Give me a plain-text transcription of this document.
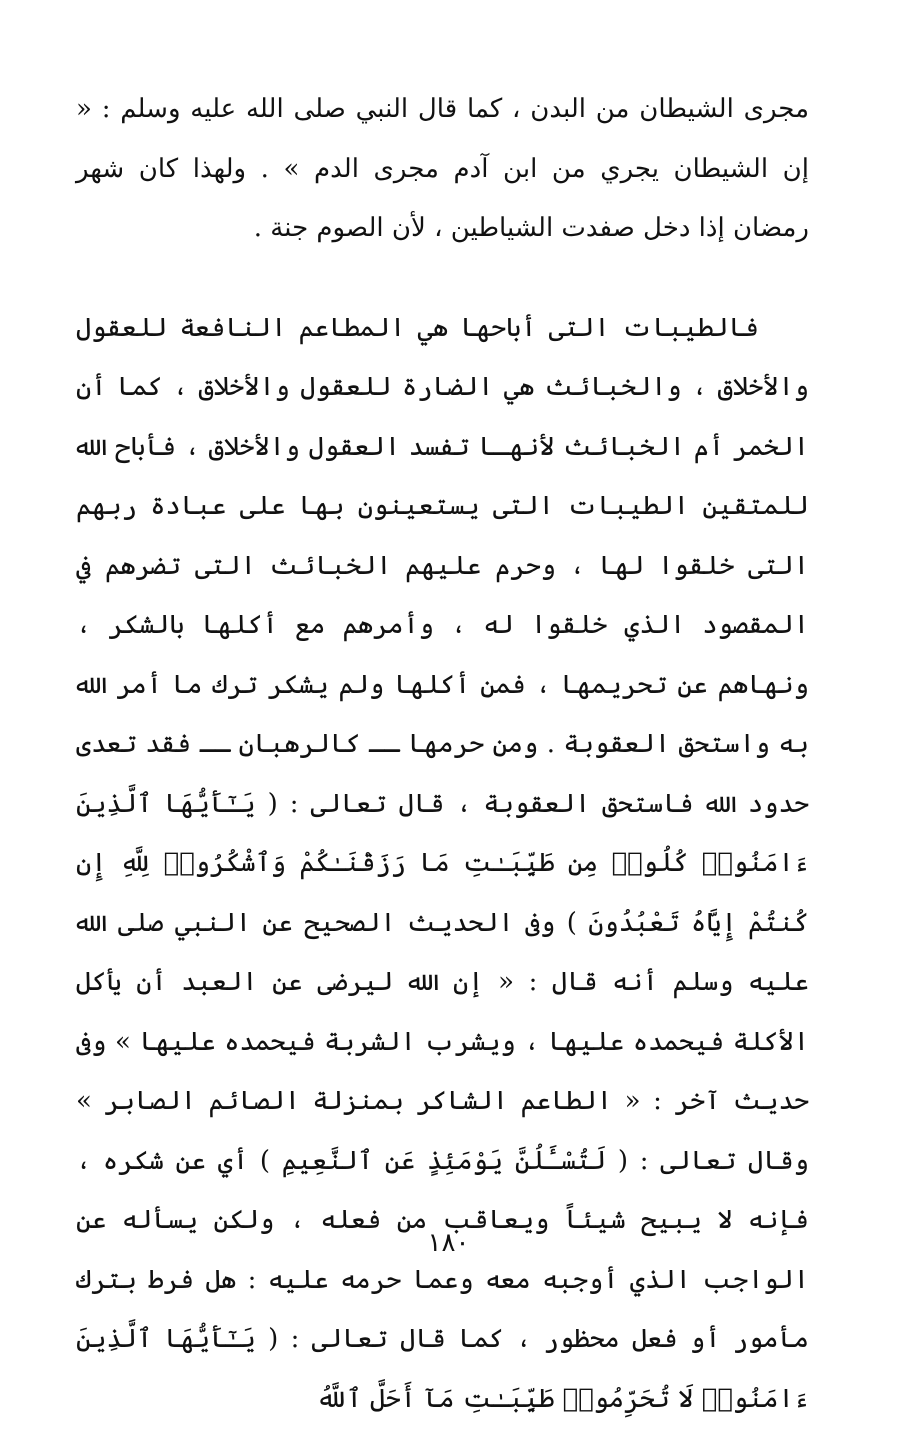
مجرى الشيطان من البدن ، كما قال النبي صلى الله عليه وسلم : « إن الشيطان يجري من ابن آدم مجرى الدم » . ولهذا كان شهر رمضان إذا دخل صفدت الشياطين ، لأن الصوم جنة .

فالطيبات التى أباحها هي المطاعم النافعة للعقول والأخلاق ، والخبائث هي الضارة للعقول والأخلاق ، كما أن الخمر أم الخبائث لأنهـا تفسد العقول والأخلاق ، فأباح الله للمتقين الطيبات التى يستعينون بها على عبادة ربهم التى خلقوا لها ، وحرم عليهم الخبائث التى تضرهم في المقصود الذي خلقوا له ، وأمرهم مع أكلها بالشكر ، ونهاهم عن تحريمها ، فمن أكلها ولم يشكر ترك ما أمر الله به واستحق العقوبة . ومن حرمها ــ كالرهبان ــ فقد تعدى حدود الله فاستحق العقوبة ، قال تعالى : ( يَـٰٓأَيُّهَا ٱلَّذِينَ ءَامَنُوا۟ كُلُوا۟ مِن طَيِّبَـٰتِ مَا رَزَقْنَـٰكُمْ وَٱشْكُرُوا۟ لِلَّهِ إِن كُنتُمْ إِيَّاهُ تَعْبُدُونَ ) وفى الحديث الصحيح عن النبي صلى الله عليه وسلم أنه قال : « إن الله ليرضى عن العبد أن يأكل الأكلة فيحمده عليها ، ويشرب الشربة فيحمده عليها » وفى حديث آخر : « الطاعم الشاكر بمنزلة الصائم الصابر » وقال تعالى : ( لَتُسْـَٔلُنَّ يَوْمَئِذٍ عَنِ ٱلنَّعِيمِ ) أي عن شكره ، فإنه لا يبيح شيئاً ويعاقب من فعله ، ولكن يسأله عن الواجب الذي أوجبه معه وعما حرمه عليه : هل فرط بترك مأمور أو فعل محظور ، كما قال تعالى : ( يَـٰٓأَيُّهَا ٱلَّذِينَ ءَامَنُوا۟ لَا تُحَرِّمُوا۟ طَيِّبَـٰتِ مَآ أَحَلَّ ٱللَّهُ

١٨٠
